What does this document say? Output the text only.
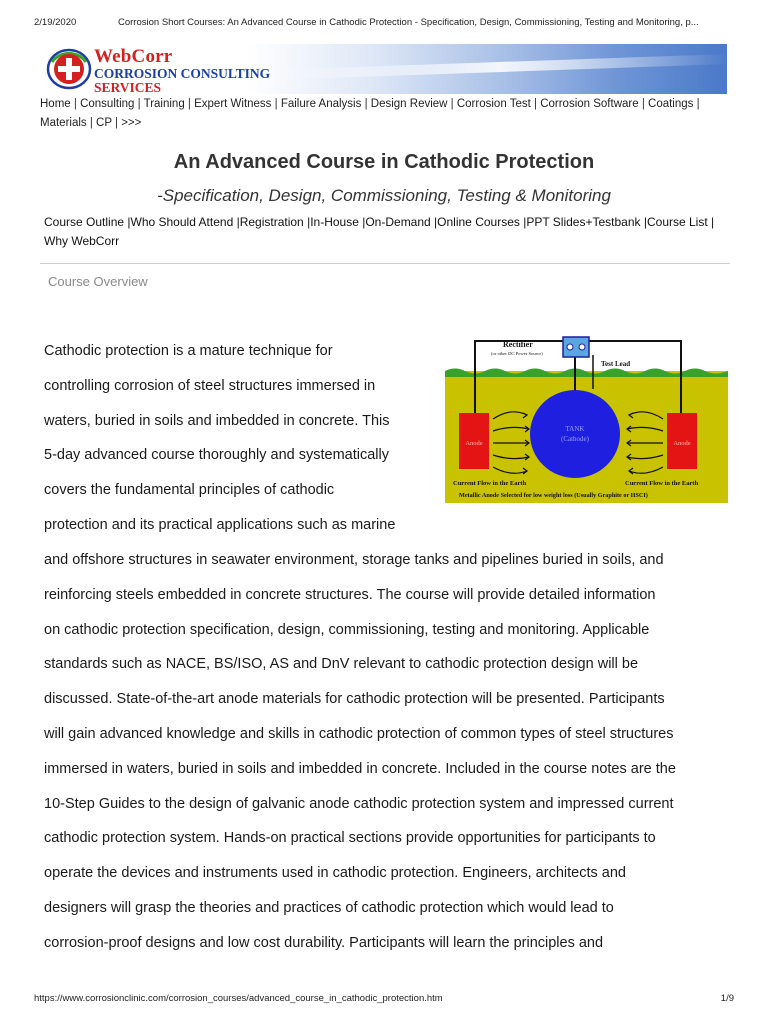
2/19/2020	Corrosion Short Courses: An Advanced Course in Cathodic Protection - Specification, Design, Commissioning, Testing and Monitoring, p...
WebCorr
CORROSION CONSULTING
SERVICES
Home | Consulting | Training | Expert Witness | Failure Analysis | Design Review | Corrosion Test | Corrosion Software | Coatings |
Materials | CP | >>>
An Advanced Course in Cathodic Protection
-Specification, Design, Commissioning, Testing & Monitoring
Course Outline |Who Should Attend |Registration |In-House |On-Demand |Online Courses |PPT Slides+Testbank |Course List | Why WebCorr
Course Overview
Cathodic protection is a mature technique for
controlling corrosion of steel structures immersed in
waters, buried in soils and imbedded in concrete. This
5-day advanced course thoroughly and systematically
covers the fundamental principles of cathodic
protection and its practical applications such as marine
and offshore structures in seawater environment, storage tanks and pipelines buried in soils, and
reinforcing steels embedded in concrete structures. The course will provide detailed information
on cathodic protection specification, design, commissioning, testing and monitoring. Applicable
standards such as NACE, BS/ISO, AS and DnV relevant to cathodic protection design will be
discussed. State-of-the-art anode materials for cathodic protection will be presented. Participants
will gain advanced knowledge and skills in cathodic protection of common types of steel structures
immersed in waters, buried in soils and imbedded in concrete. Included in the course notes are the
10-Step Guides to the design of galvanic anode cathodic protection system and impressed current
cathodic protection system. Hands-on practical sections provide opportunities for participants to
operate the devices and instruments used in cathodic protection. Engineers, architects and
designers will grasp the theories and practices of cathodic protection which would lead to
corrosion-proof designs and low cost durability. Participants will learn the principles and
Rectifier
(or other DC Power Source)
Test Lead
TANK
(Cathode)
Anode	Anode
Current Flow in the Earth	Current Flow in the Earth
Metallic Anode Selected for low weight loss (Usually Graphite or HSCI)
https://www.corrosionclinic.com/corrosion_courses/advanced_course_in_cathodic_protection.htm	1/9
